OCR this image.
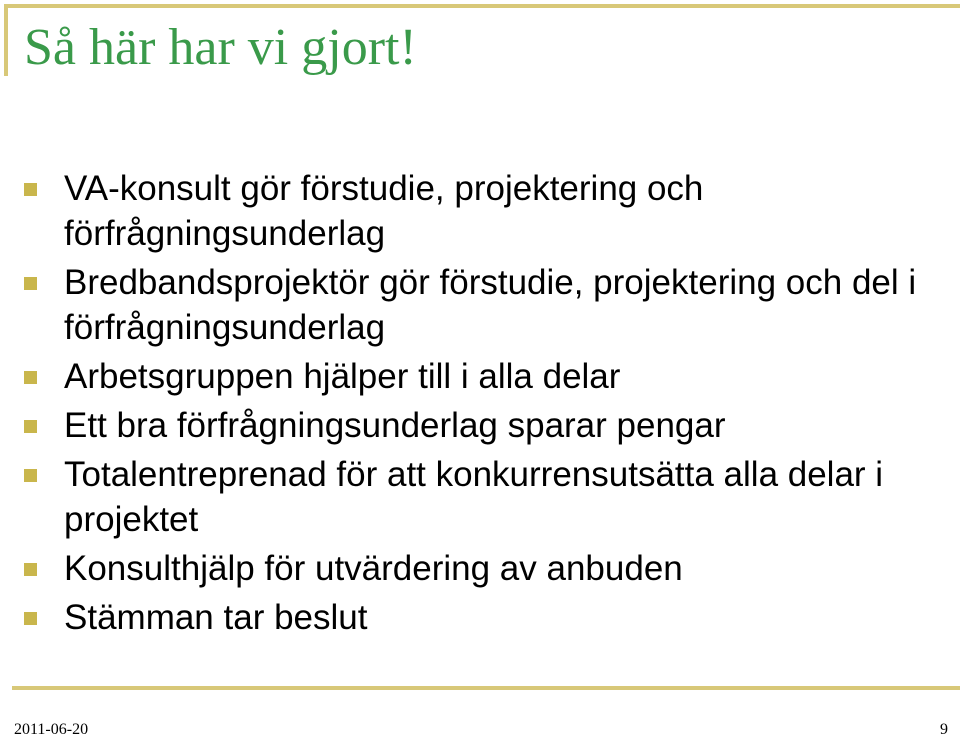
Så här har vi gjort!
VA-konsult gör förstudie, projektering och förfrågningsunderlag
Bredbandsprojektör gör förstudie, projektering och del i förfrågningsunderlag
Arbetsgruppen hjälper till i alla delar
Ett bra förfrågningsunderlag sparar pengar
Totalentreprenad för att konkurrensutsätta alla delar i projektet
Konsulthjälp för utvärdering av anbuden
Stämman tar beslut
2011-06-20	9
